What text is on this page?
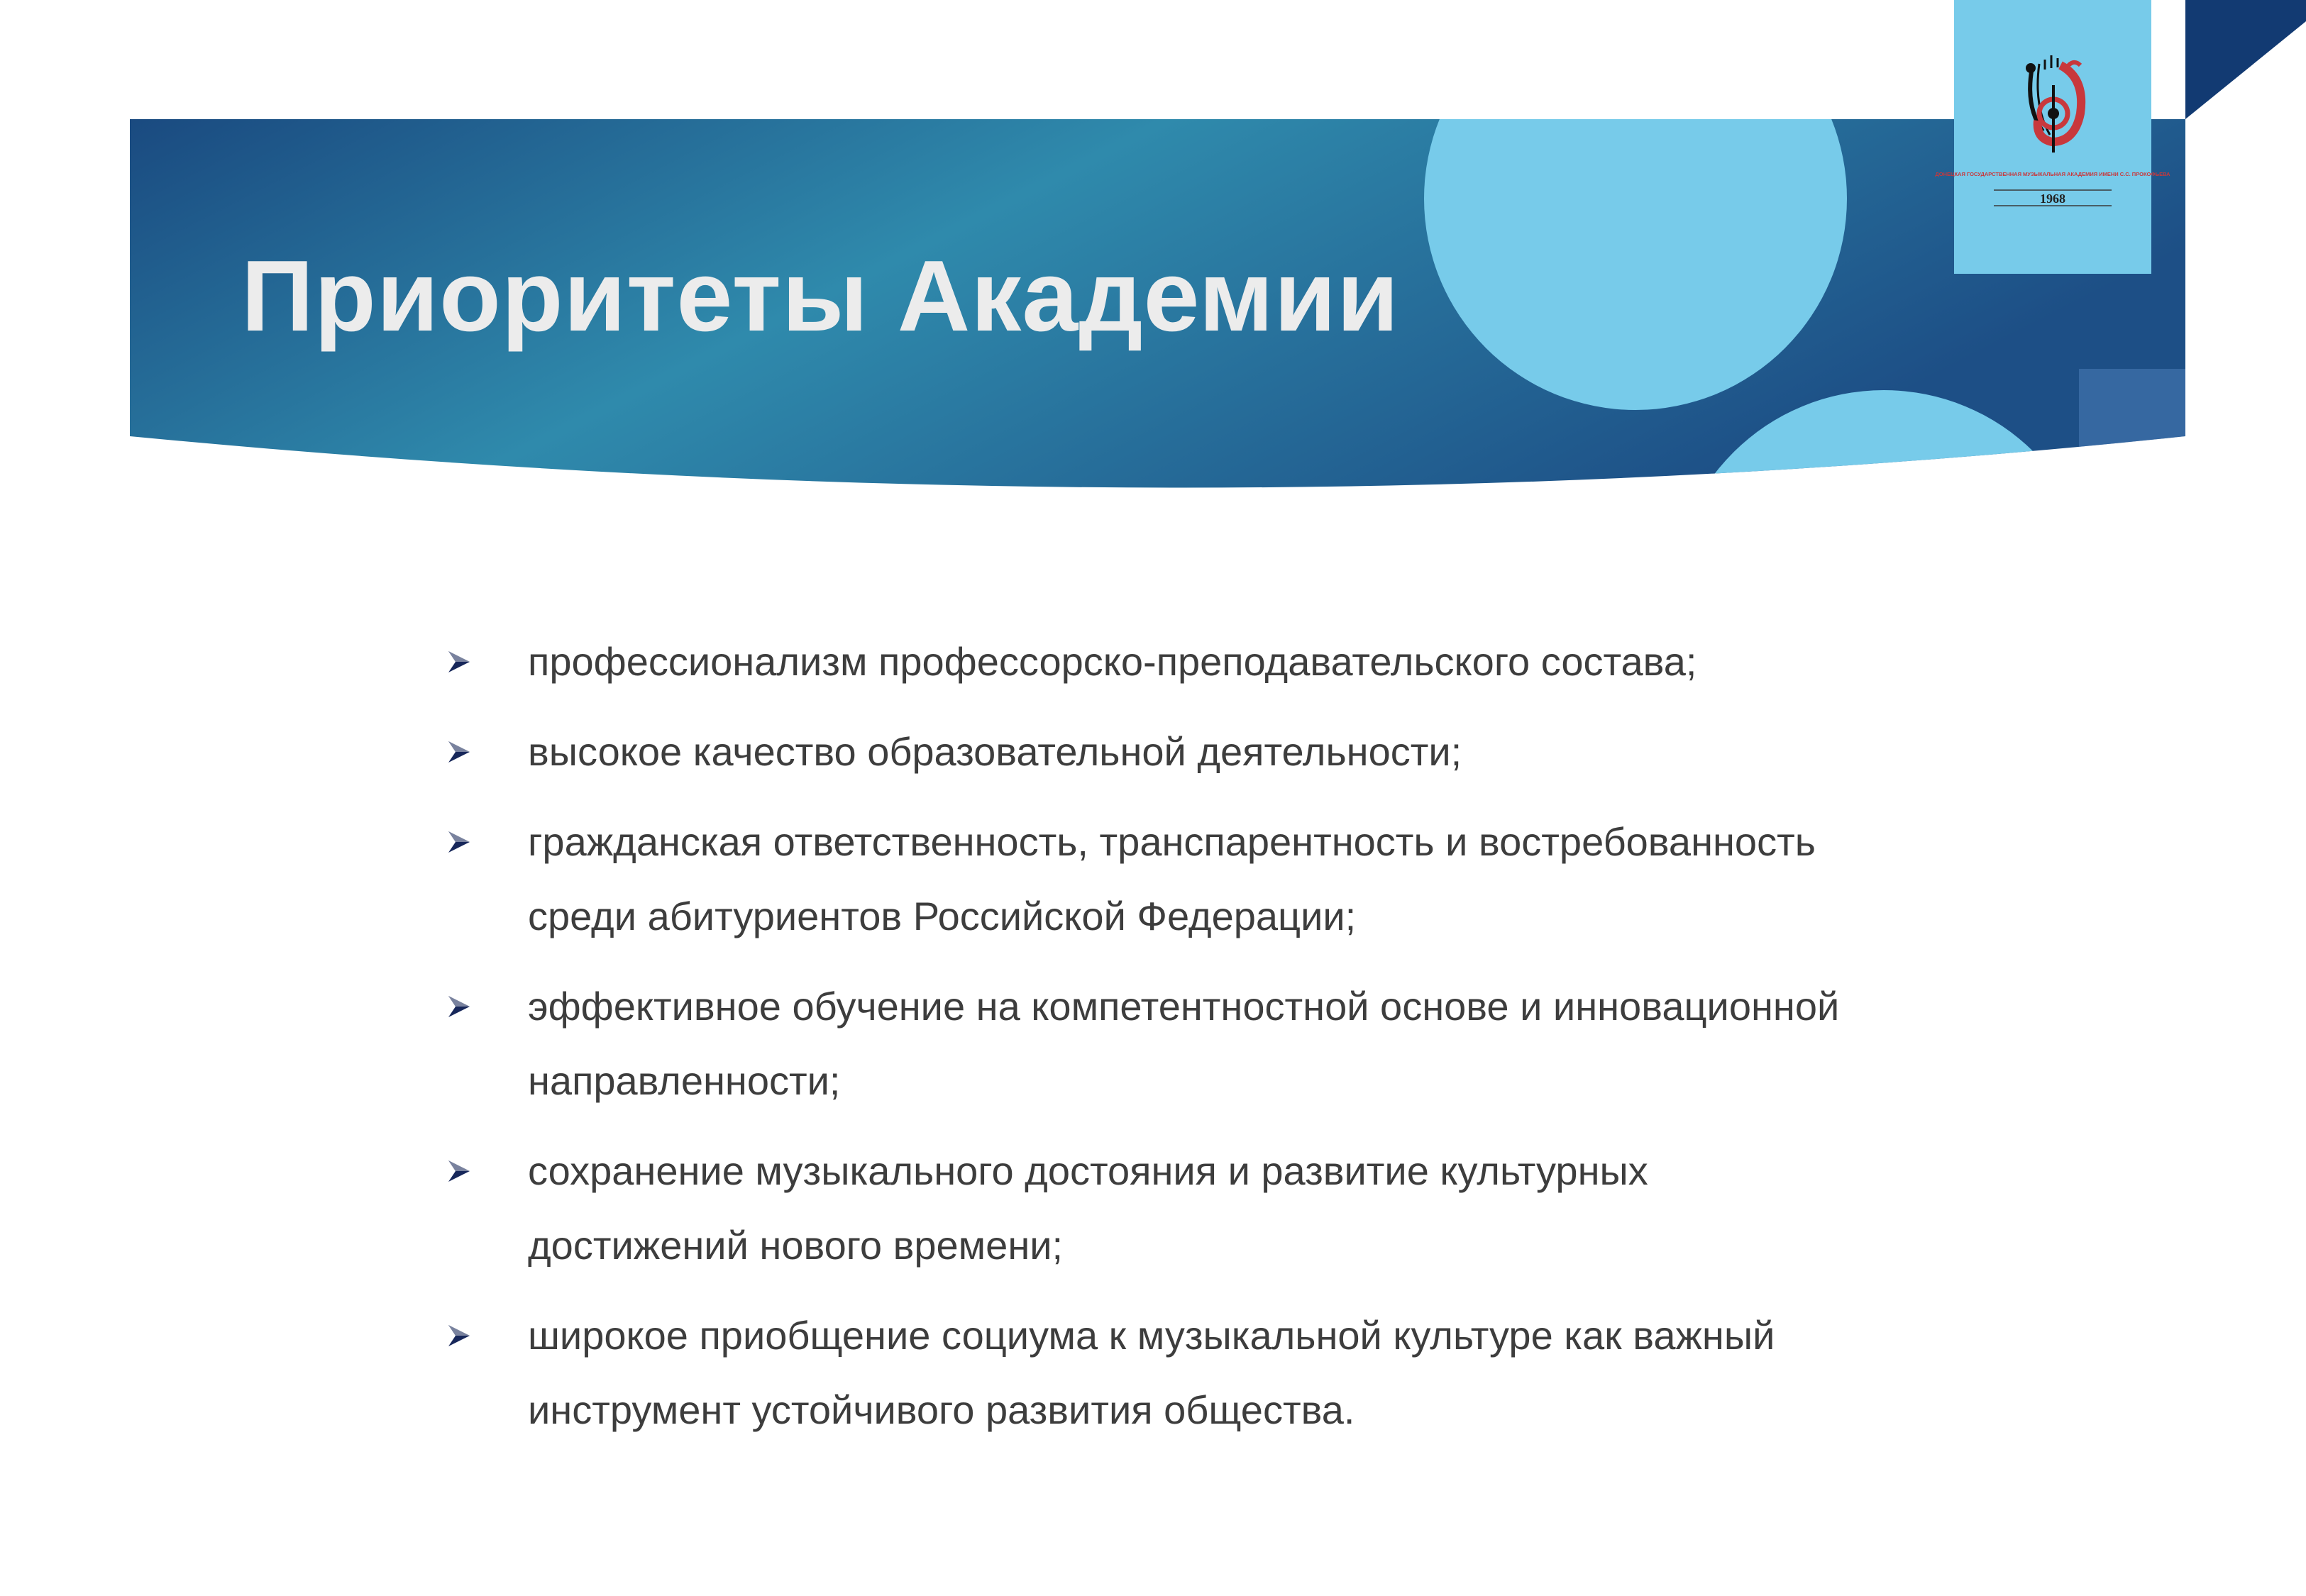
Приоритеты Академии
ДОНЕЦКАЯ ГОСУДАРСТВЕННАЯ МУЗЫКАЛЬНАЯ АКАДЕМИЯ ИМЕНИ С.С. ПРОКОФЬЕВА
1968
профессионализм профессорско-преподавательского состава;
высокое качество образовательной деятельности;
гражданская ответственность, транспарентность и востребованность среди абитуриентов Российской Федерации;
эффективное обучение на компетентностной основе и инновационной направленности;
сохранение музыкального достояния и развитие культурных достижений нового времени;
широкое приобщение социума к музыкальной культуре как важный инструмент устойчивого развития общества.
